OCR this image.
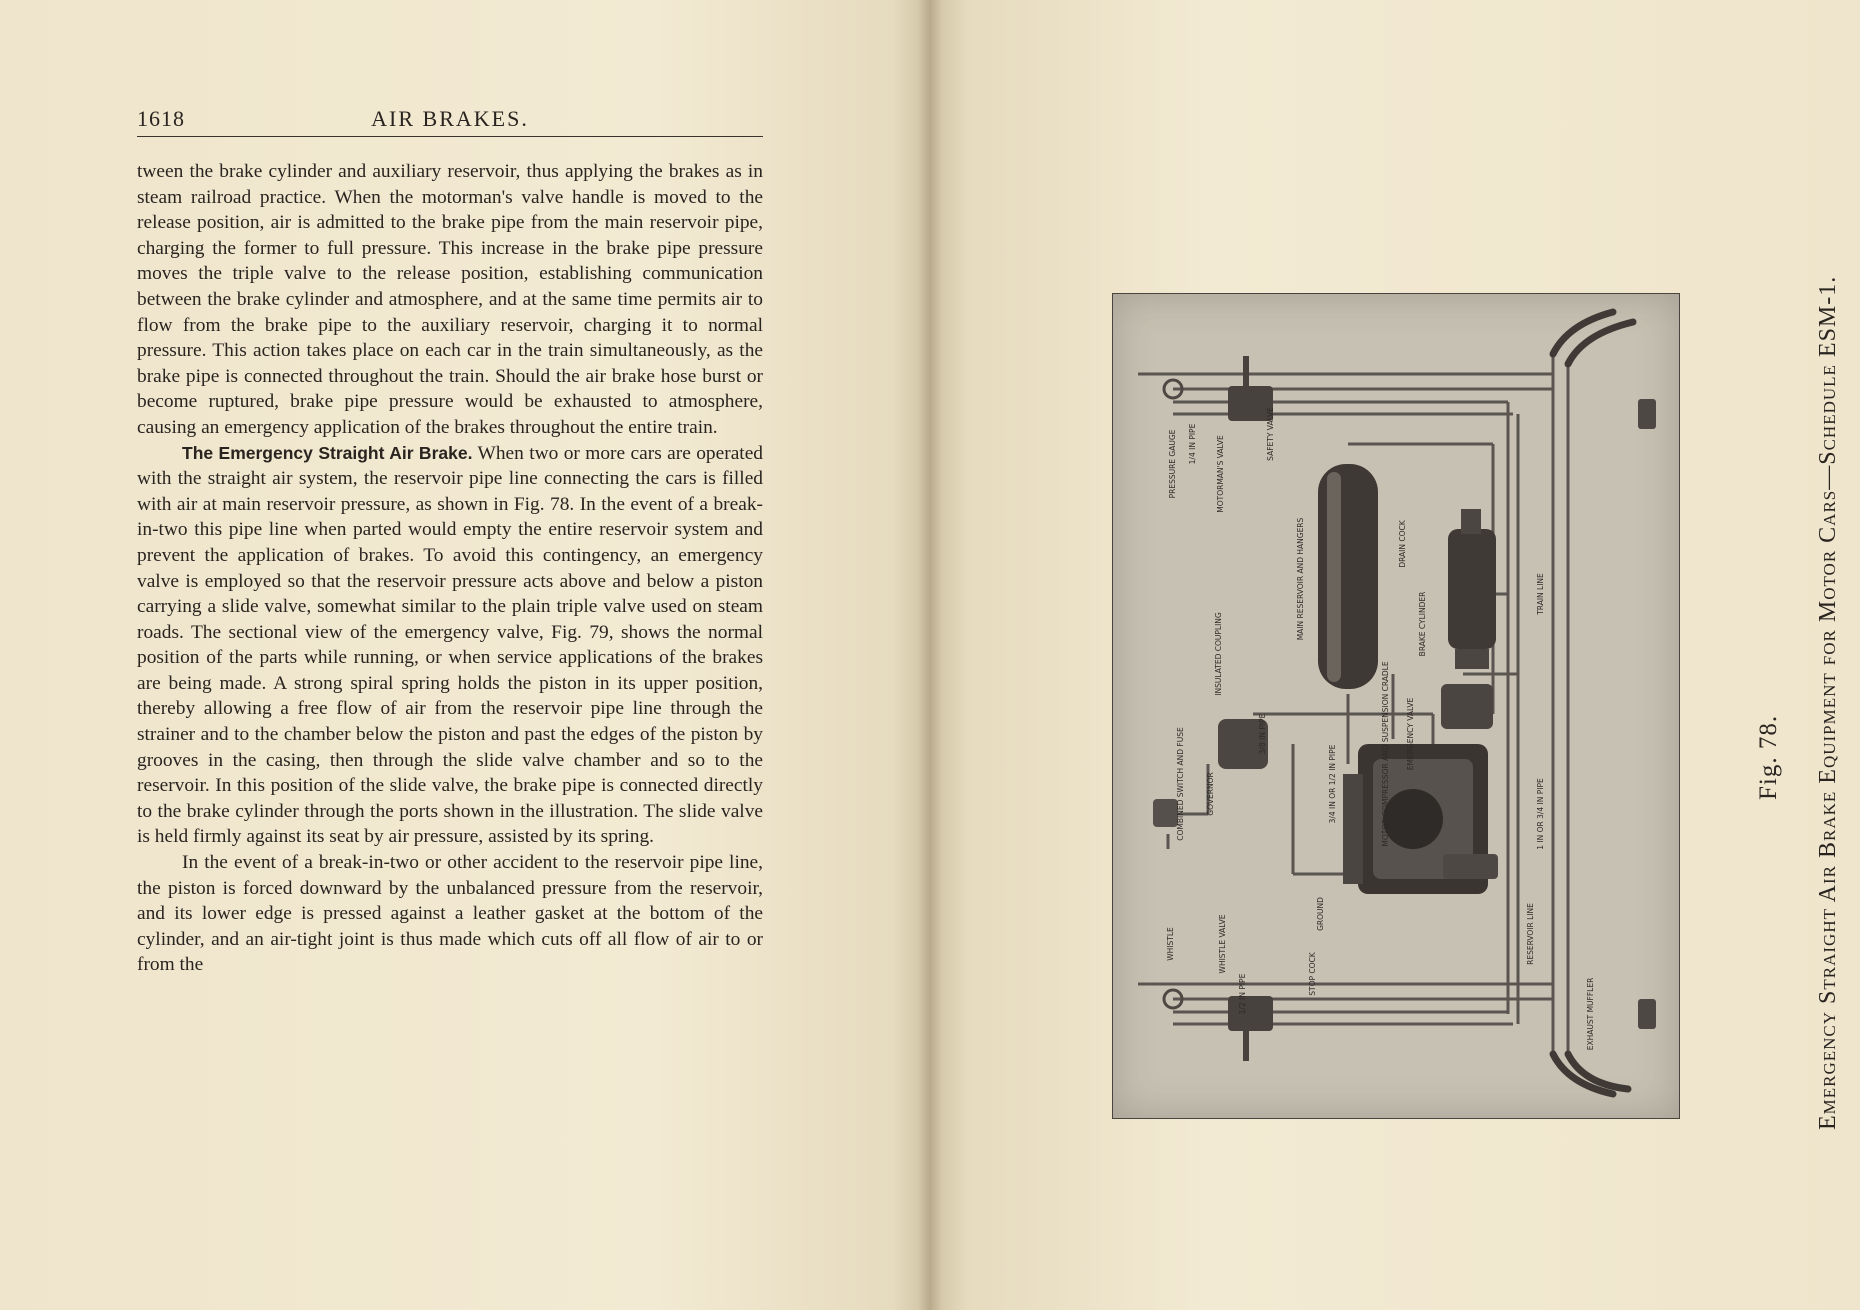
1618	AIR BRAKES.

tween the brake cylinder and auxiliary reservoir, thus applying the brakes as in steam railroad practice. When the motorman's valve handle is moved to the release position, air is admitted to the brake pipe from the main reservoir pipe, charging the former to full pressure. This increase in the brake pipe pressure moves the triple valve to the release position, establishing communication between the brake cylinder and atmosphere, and at the same time permits air to flow from the brake pipe to the auxiliary reservoir, charging it to normal pressure. This action takes place on each car in the train simultaneously, as the brake pipe is connected throughout the train. Should the air brake hose burst or become ruptured, brake pipe pressure would be exhausted to atmosphere, causing an emergency application of the brakes throughout the entire train.

The Emergency Straight Air Brake. When two or more cars are operated with the straight air system, the reservoir pipe line connecting the cars is filled with air at main reservoir pressure, as shown in Fig. 78. In the event of a break-in-two this pipe line when parted would empty the entire reservoir system and prevent the application of brakes. To avoid this contingency, an emergency valve is employed so that the reservoir pressure acts above and below a piston carrying a slide valve, somewhat similar to the plain triple valve used on steam roads. The sectional view of the emergency valve, Fig. 79, shows the normal position of the parts while running, or when service applications of the brakes are being made. A strong spiral spring holds the piston in its upper position, thereby allowing a free flow of air from the reservoir pipe line through the strainer and to the chamber below the piston and past the edges of the piston by grooves in the casing, then through the slide valve chamber and so to the reservoir. In this position of the slide valve, the brake pipe is connected directly to the brake cylinder through the ports shown in the illustration. The slide valve is held firmly against its seat by air pressure, assisted by its spring.

In the event of a break-in-two or other accident to the reservoir pipe line, the piston is forced downward by the unbalanced pressure from the reservoir, and its lower edge is pressed against a leather gasket at the bottom of the cylinder, and an air-tight joint is thus made which cuts off all flow of air to or from the

PRESSURE GAUGE 1/4 IN PIPE	MOTORMAN'S VALVE
SAFETY VALVE
MAIN RESERVOIR AND HANGERS	DRAIN COCK
BRAKE CYLINDER	TRAIN LINE
EMERGENCY VALVE
MOTOR COMPRESSOR AND SUSPENSION CRADLE
3/8 IN PIPE
INSULATED COUPLING
GOVERNOR
COMBINED SWITCH AND FUSE	3/4 IN OR 1/2 IN PIPE
RESERVOIR LINE
EXHAUST MUFFLER
WHISTLE	WHISTLE VALVE
1/2 IN PIPE
GROUND
STOP COCK
1 IN OR 3/4 IN PIPE
Fig. 78. Emergency Straight Air Brake Equipment for Motor Cars—Schedule ESM-1.
